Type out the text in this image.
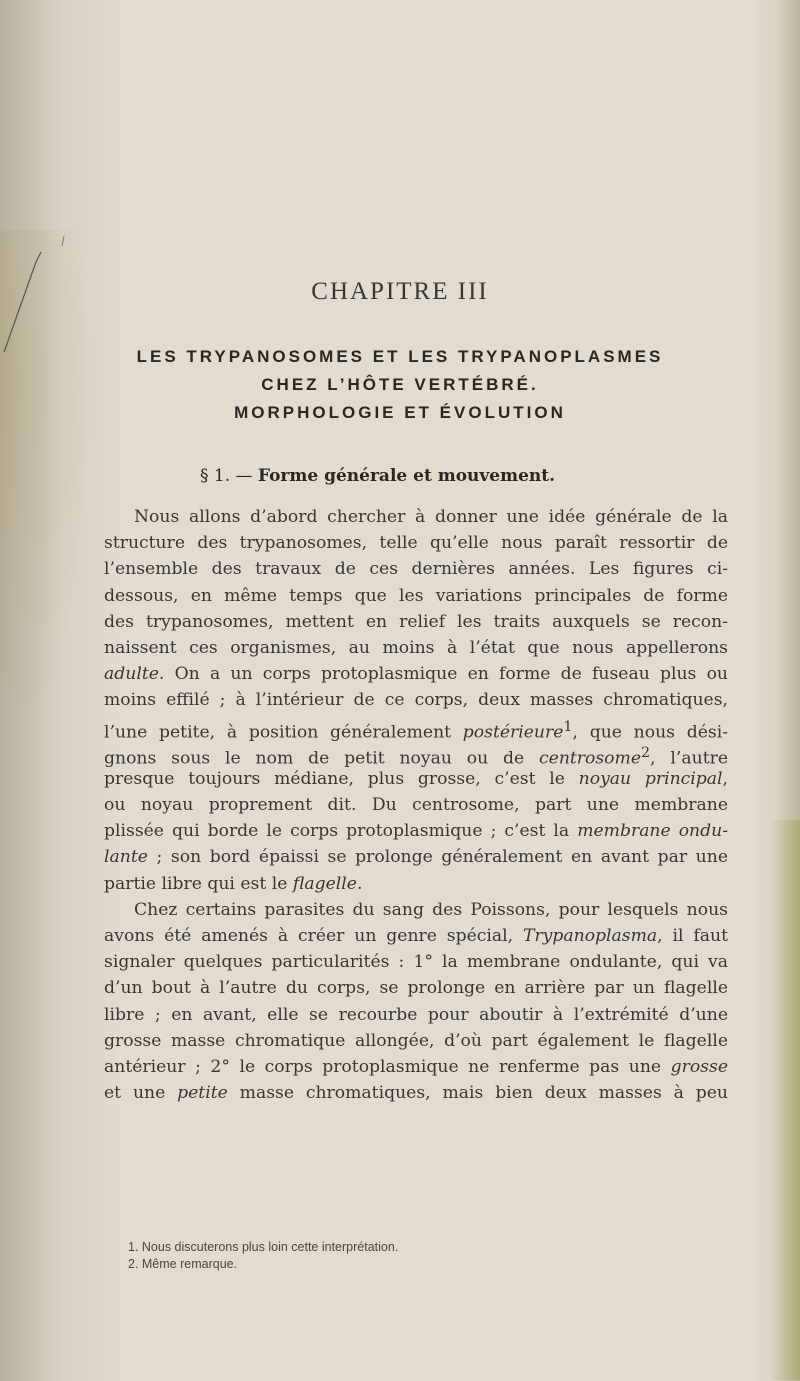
CHAPITRE III
LES TRYPANOSOMES ET LES TRYPANOPLASMES
CHEZ L’HÔTE VERTÉBRÉ.
MORPHOLOGIE ET ÉVOLUTION
§ 1. — Forme générale et mouvement.
Nous allons d’abord chercher à donner une idée générale de la
structure des trypanosomes, telle qu’elle nous paraît ressortir de
l’ensemble des travaux de ces dernières années. Les figures ci-
dessous, en même temps que les variations principales de forme
des trypanosomes, mettent en relief les traits auxquels se recon-
naissent ces organismes, au moins à l’état que nous appellerons
adulte. On a un corps protoplasmique en forme de fuseau plus ou
moins effilé ; à l’intérieur de ce corps, deux masses chromatiques,
l’une petite, à position généralement postérieure$^1$, que nous dési-
gnons sous le nom de petit noyau ou de centrosome$^2$, l’autre
presque toujours médiane, plus grosse, c’est le noyau principal,
ou noyau proprement dit. Du centrosome, part une membrane
plissée qui borde le corps protoplasmique ; c’est la membrane ondu-
lante ; son bord épaissi se prolonge généralement en avant par une
partie libre qui est le flagelle.
Chez certains parasites du sang des Poissons, pour lesquels nous
avons été amenés à créer un genre spécial, Trypanoplasma, il faut
signaler quelques particularités : 1° la membrane ondulante, qui va
d’un bout à l’autre du corps, se prolonge en arrière par un flagelle
libre ; en avant, elle se recourbe pour aboutir à l’extrémité d’une
grosse masse chromatique allongée, d’où part également le flagelle
antérieur ; 2° le corps protoplasmique ne renferme pas une grosse
et une petite masse chromatiques, mais bien deux masses à peu
1. Nous discuterons plus loin cette interprétation.
2. Même remarque.
